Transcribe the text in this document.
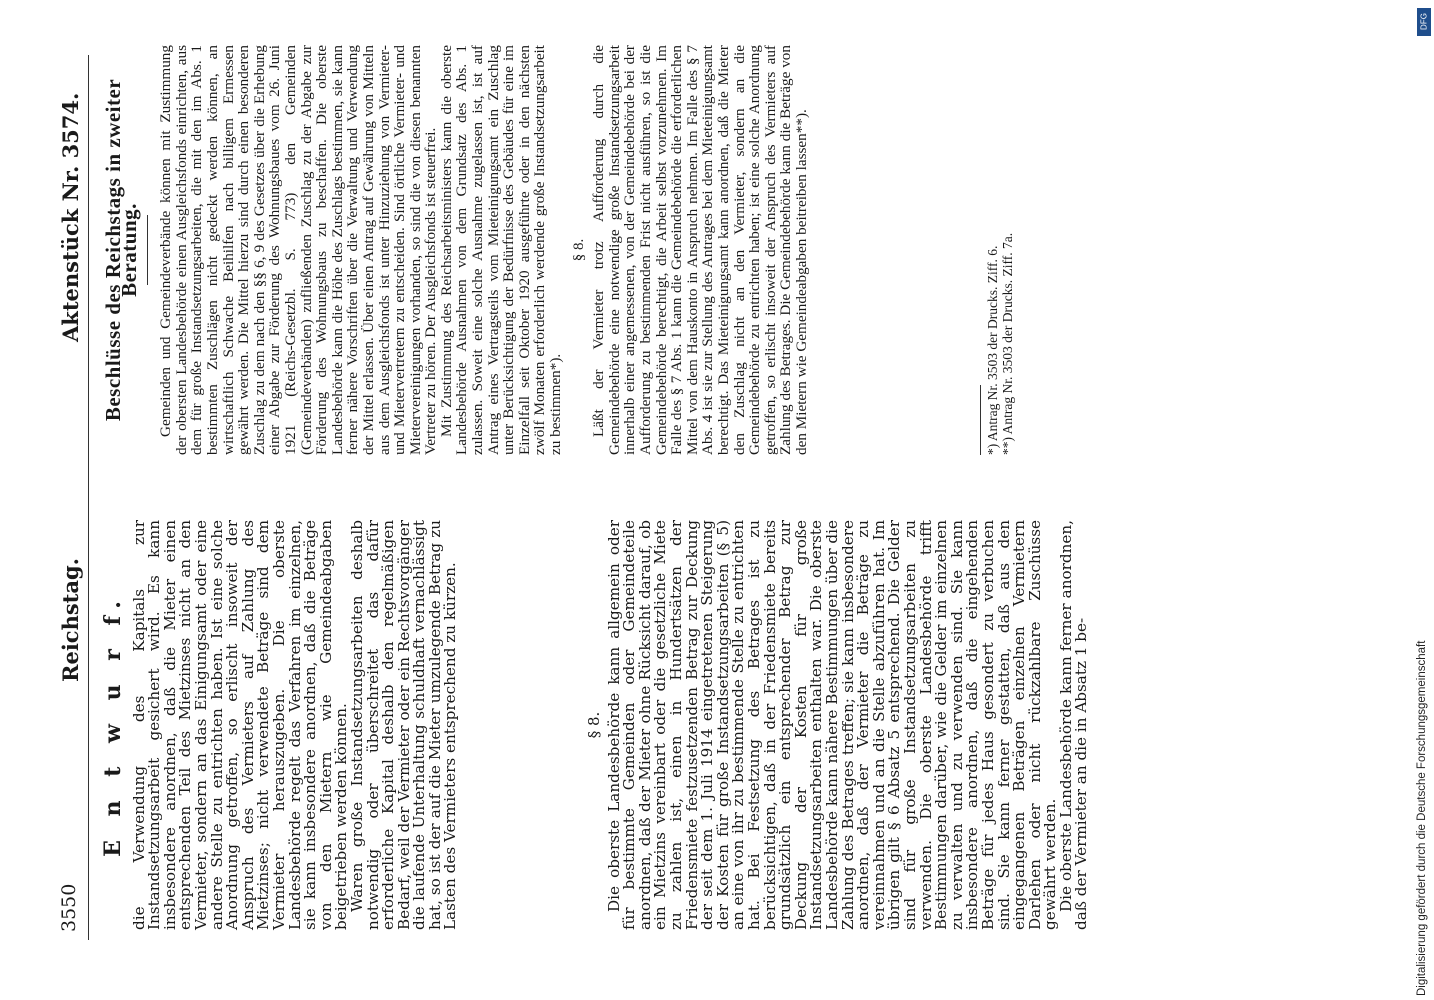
3550
Reichstag.
Aktenstück Nr. 3574.
E n t w u r f. die Verwendung des Kapitals zur Instandsetzungsarbeit gesichert wird. Es kann insbesondere anordnen, daß die Mieter einen entsprechenden Teil des Mietzinses nicht an den Vermieter, sondern an das Einigungsamt oder eine andere Stelle zu entrichten haben. Ist eine solche Anordnung getroffen, so erlischt insoweit der Anspruch des Vermieters auf Zahlung des Mietzinses; nicht verwendete Beträge sind dem Vermieter herauszugeben. Die oberste Landesbehörde regelt das Verfahren im einzelnen, sie kann insbesondere anordnen, daß die Beträge von den Mietern wie Gemeindeabgaben beigetrieben werden können.

Waren große Instandsetzungsarbeiten deshalb notwendig oder überschreitet das dafür erforderliche Kapital deshalb den regelmäßigen Bedarf, weil der Vermieter oder ein Rechtsvorgänger die laufende Unterhaltung schuldhaft vernachlässigt hat, so ist der auf die Mieter umzulegende Betrag zu Lasten des Vermieters entsprechend zu kürzen.	§ 8. Die oberste Landesbehörde kann allgemein oder für bestimmte Gemeinden oder Gemeindeteile anordnen, daß der Mieter ohne Rücksicht darauf, ob ein Mietzins vereinbart oder die gesetzliche Miete zu zahlen ist, einen in Hundertsätzen der Friedensmiete festzusetzenden Betrag zur Deckung der seit dem 1. Juli 1914 eingetretenen Steigerung der Kosten für große Instandsetzungsarbeiten (§ 5) an eine von ihr zu bestimmende Stelle zu entrichten hat. Bei Festsetzung des Betrages ist zu berücksichtigen, daß in der Friedensmiete bereits grundsätzlich ein entsprechender Betrag zur Deckung der Kosten für große Instandsetzungsarbeiten enthalten war. Die oberste Landesbehörde kann nähere Bestimmungen über die Zahlung des Betrages treffen; sie kann insbesondere anordnen, daß der Vermieter die Beträge zu vereinnahmen und an die Stelle abzuführen hat. Im übrigen gilt § 6 Absatz 5 entsprechend. Die Gelder sind für große Instandsetzungsarbeiten zu verwenden. Die oberste Landesbehörde trifft Bestimmungen darüber, wie die Gelder im einzelnen zu verwalten und zu verwenden sind. Sie kann insbesondere anordnen, daß die eingehenden Beträge für jedes Haus gesondert zu verbuchen sind. Sie kann ferner gestatten, daß aus den eingegangenen Beträgen einzelnen Vermietern Darlehen oder nicht rückzahlbare Zuschüsse gewährt werden.

Die oberste Landesbehörde kann ferner anordnen, daß der Vermieter an die in Absatz 1 be-

Beschlüsse des Reichstags in zweiter Beratung. Gemeinden und Gemeindeverbände können mit Zustimmung der obersten Landesbehörde einen Ausgleichsfonds einrichten, aus dem für große Instandsetzungsarbeiten, die mit den im Abs. 1 bestimmten Zuschlägen nicht gedeckt werden können, an wirtschaftlich Schwache Beihilfen nach billigem Ermessen gewährt werden. Die Mittel hierzu sind durch einen besonderen Zuschlag zu dem nach den §§ 6, 9 des Gesetzes über die Erhebung einer Abgabe zur Förderung des Wohnungsbaues vom 26. Juni 1921 (Reichs-Gesetzbl. S. 773) den Gemeinden (Gemeindeverbänden) zufließenden Zuschlag zu der Abgabe zur Förderung des Wohnungsbaus zu beschaffen. Die oberste Landesbehörde kann die Höhe des Zuschlags bestimmen, sie kann ferner nähere Vorschriften über die Verwaltung und Verwendung der Mittel erlassen. Über einen Antrag auf Gewährung von Mitteln aus dem Ausgleichsfonds ist unter Hinzuziehung von Vermieter- und Mietervertretern zu entscheiden. Sind örtliche Vermieter- und Mietervereinigungen vorhanden, so sind die von diesen benannten Vertreter zu hören. Der Ausgleichsfonds ist steuerfrei.

Mit Zustimmung des Reichsarbeitsministers kann die oberste Landesbehörde Ausnahmen von dem Grundsatz des Abs. 1 zulassen. Soweit eine solche Ausnahme zugelassen ist, ist auf Antrag eines Vertragsteils vom Mieteinigungsamt ein Zuschlag unter Berücksichtigung der Bedürfnisse des Gebäudes für eine im Einzelfall seit Oktober 1920 ausgeführte oder in den nächsten zwölf Monaten erforderlich werdende große Instandsetzungsarbeit zu bestimmen*).

§ 8. Läßt der Vermieter trotz Aufforderung durch die Gemeindebehörde eine notwendige große Instandsetzungsarbeit innerhalb einer angemessenen, von der Gemeindebehörde bei der Aufforderung zu bestimmenden Frist nicht ausführen, so ist die Gemeindebehörde berechtigt, die Arbeit selbst vorzunehmen. Im Falle des § 7 Abs. 1 kann die Gemeindebehörde die erforderlichen Mittel von dem Hauskonto in Anspruch nehmen. Im Falle des § 7 Abs. 4 ist sie zur Stellung des Antrages bei dem Mieteinigungsamt berechtigt. Das Mieteinigungsamt kann anordnen, daß die Mieter den Zuschlag nicht an den Vermieter, sondern an die Gemeindebehörde zu entrichten haben; ist eine solche Anordnung getroffen, so erlischt insoweit der Anspruch des Vermieters auf Zahlung des Betrages. Die Gemeindebehörde kann die Beträge von den Mietern wie Gemeindeabgaben beitreiben lassen**).	*) Antrag Nr. 3503 der Drucks. Ziff. 6. **) Antrag Nr. 3503 der Drucks. Ziff. 7a.

DFG
Digitalisierung gefördert durch die Deutsche Forschungsgemeinschaft
